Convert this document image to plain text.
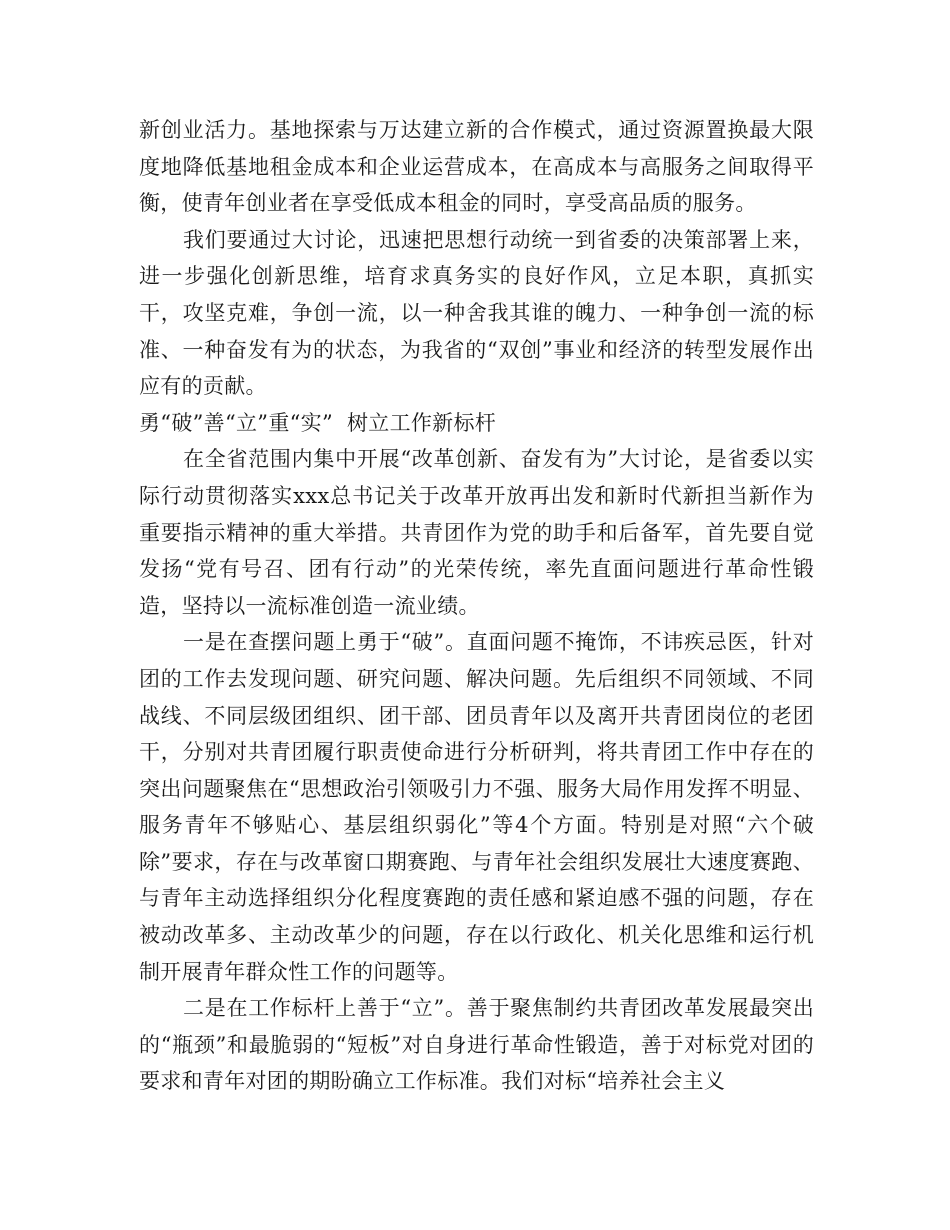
新创业活力。基地探索与万达建立新的合作模式，通过资源置换最大限度地降低基地租金成本和企业运营成本，在高成本与高服务之间取得平衡，使青年创业者在享受低成本租金的同时，享受高品质的服务。

我们要通过大讨论，迅速把思想行动统一到省委的决策部署上来，进一步强化创新思维，培育求真务实的良好作风，立足本职，真抓实干，攻坚克难，争创一流，以一种舍我其谁的魄力、一种争创一流的标准、一种奋发有为的状态，为我省的“双创”事业和经济的转型发展作出应有的贡献。

勇“破”善“立”重“实”  树立工作新标杆

在全省范围内集中开展“改革创新、奋发有为”大讨论，是省委以实际行动贯彻落实xxx总书记关于改革开放再出发和新时代新担当新作为重要指示精神的重大举措。共青团作为党的助手和后备军，首先要自觉发扬“党有号召、团有行动”的光荣传统，率先直面问题进行革命性锻造，坚持以一流标准创造一流业绩。

一是在查摆问题上勇于“破”。直面问题不掩饰，不讳疾忌医，针对团的工作去发现问题、研究问题、解决问题。先后组织不同领域、不同战线、不同层级团组织、团干部、团员青年以及离开共青团岗位的老团干，分别对共青团履行职责使命进行分析研判，将共青团工作中存在的突出问题聚焦在“思想政治引领吸引力不强、服务大局作用发挥不明显、服务青年不够贴心、基层组织弱化”等4个方面。特别是对照“六个破除”要求，存在与改革窗口期赛跑、与青年社会组织发展壮大速度赛跑、与青年主动选择组织分化程度赛跑的责任感和紧迫感不强的问题，存在被动改革多、主动改革少的问题，存在以行政化、机关化思维和运行机制开展青年群众性工作的问题等。

二是在工作标杆上善于“立”。善于聚焦制约共青团改革发展最突出的“瓶颈”和最脆弱的“短板”对自身进行革命性锻造，善于对标党对团的要求和青年对团的期盼确立工作标准。我们对标“培养社会主义
